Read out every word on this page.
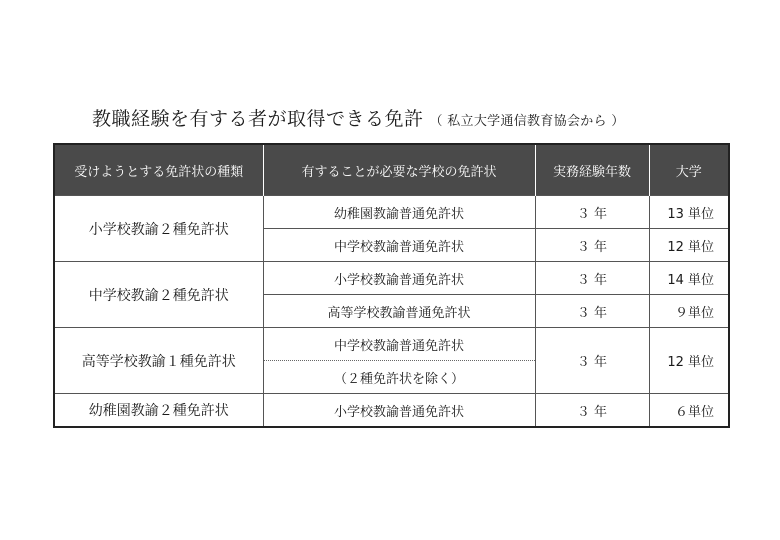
教職経験を有する者が取得できる免許 （ 私立大学通信教育協会から ）
受けようとする免許状の種類	有することが必要な学校の免許状	実務経験年数	大学
小学校教諭２種免許状	幼稚園教諭普通免許状	３ 年	13 単位
	中学校教諭普通免許状	３ 年	12 単位
中学校教諭２種免許状	小学校教諭普通免許状	３ 年	14 単位
	高等学校教諭普通免許状	３ 年	９単位
高等学校教諭１種免許状	中学校教諭普通免許状	３ 年	12 単位
	（２種免許状を除く）		
幼稚園教諭２種免許状	小学校教諭普通免許状	３ 年	６単位
